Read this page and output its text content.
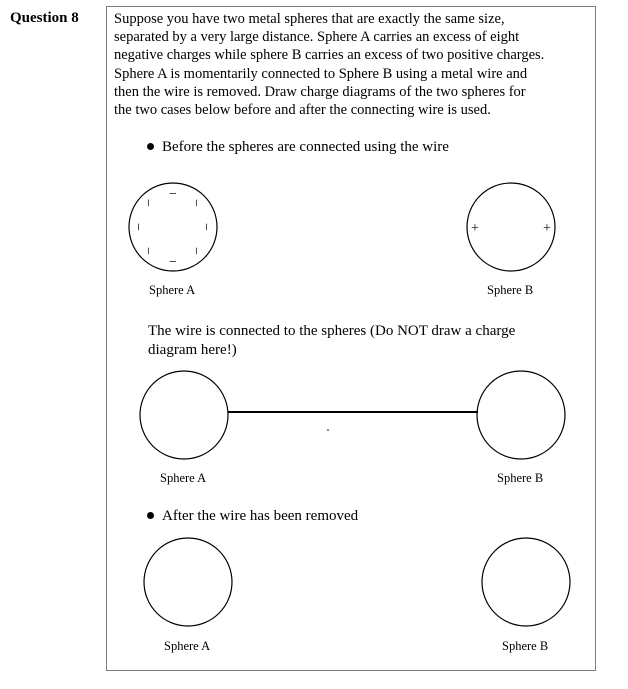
Question 8 Suppose you have two metal spheres that are exactly the same size,
separated by a very large distance. Sphere A carries an excess of eight
negative charges while sphere B carries an excess of two positive charges.
Sphere A is momentarily connected to Sphere B using a metal wire and
then the wire is removed. Draw charge diagrams of the two spheres for
the two cases below before and after the connecting wire is used.
Before the spheres are connected using the wire
−
−
−
−
−
−
−
−
+	+
Sphere A	Sphere B
The wire is connected to the spheres (Do NOT draw a charge
diagram here!)
Sphere A	Sphere B
After the wire has been removed
Sphere A	Sphere B
